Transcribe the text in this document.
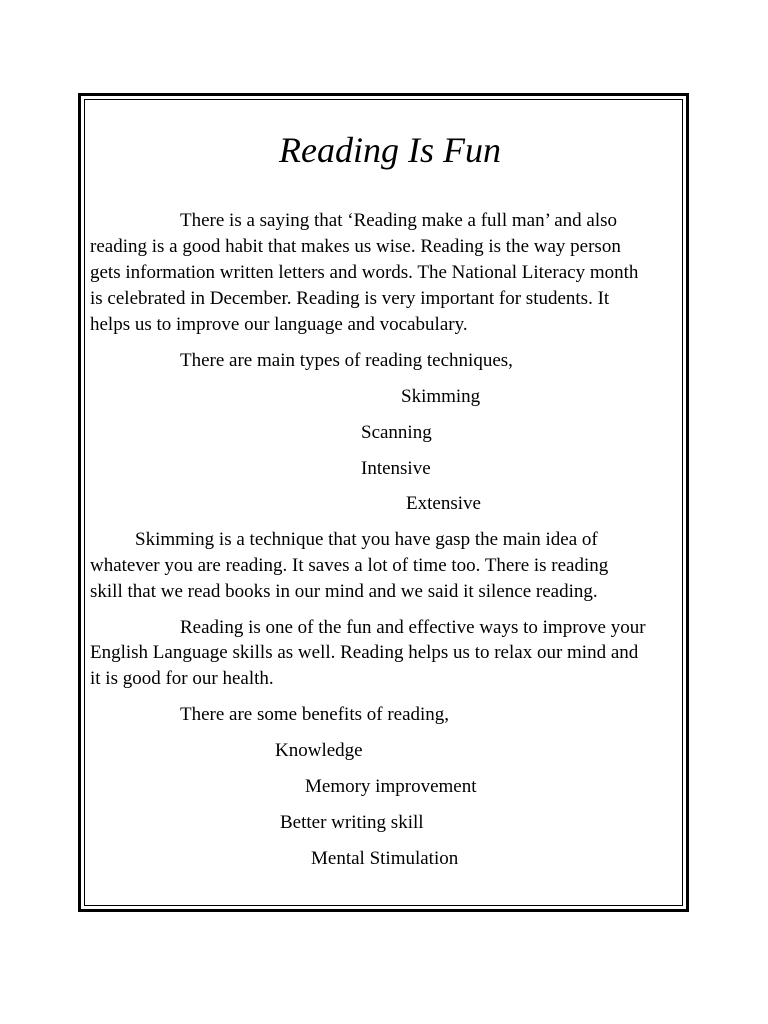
Reading Is Fun
There is a saying that ‘Reading make a full man’ and also
reading is a good habit that makes us wise. Reading is the way person
gets information written letters and words. The National Literacy month
is celebrated in December. Reading is very important for students. It
helps us to improve our language and vocabulary.
There are main types of reading techniques,
Skimming
Scanning
Intensive
Extensive
Skimming is a technique that you have gasp the main idea of
whatever you are reading. It saves a lot of time too. There is reading
skill that we read books in our mind and we said it silence reading.
Reading is one of the fun and effective ways to improve your
English Language skills as well. Reading helps us to relax our mind and
it is good for our health.
There are some benefits of reading,
Knowledge
Memory improvement
Better writing skill
Mental Stimulation
